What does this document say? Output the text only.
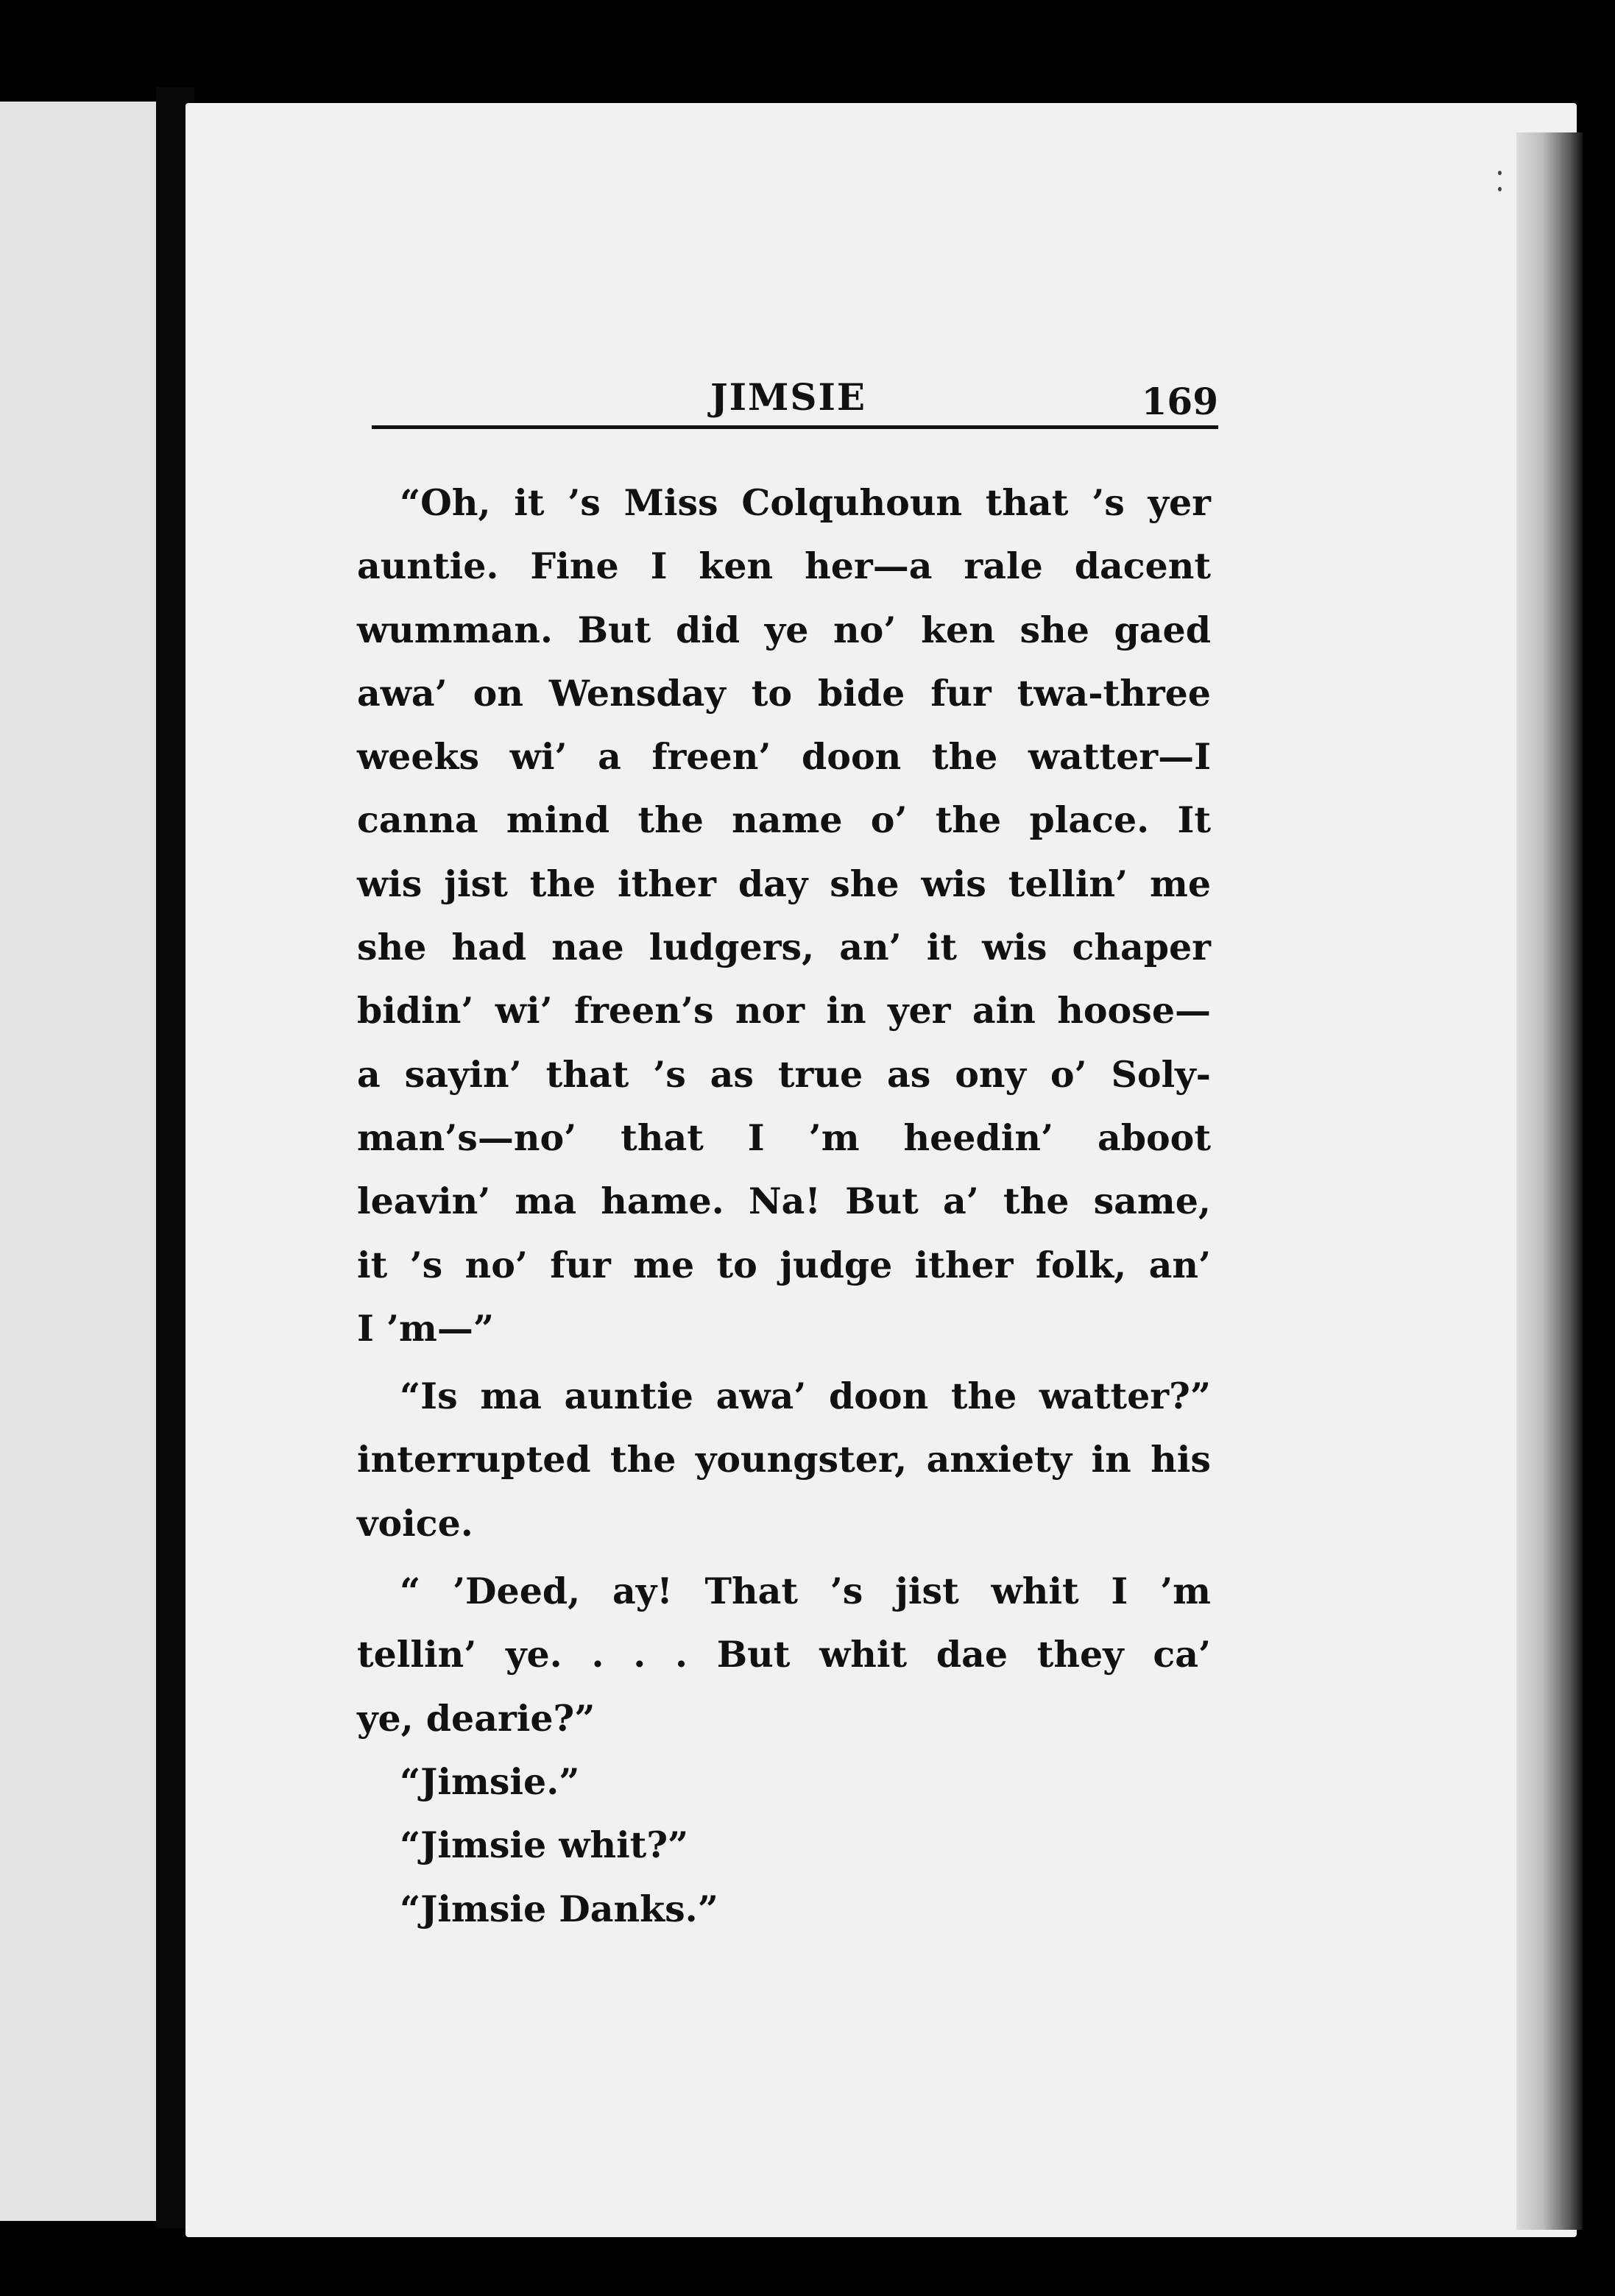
JIMSIE	169
“Oh, it ’s Miss Colquhoun that ’s yer
auntie. Fine I ken her—a rale dacent
wumman. But did ye no’ ken she gaed
awa’ on Wensday to bide fur twa-three
weeks wi’ a freen’ doon the watter—I
canna mind the name o’ the place. It
wis jist the ither day she wis tellin’ me
she had nae ludgers, an’ it wis chaper
bidin’ wi’ freen’s nor in yer ain hoose—
a sayin’ that ’s as true as ony o’ Soly-
man’s—no’ that I ’m heedin’ aboot
leavin’ ma hame. Na! But a’ the same,
it ’s no’ fur me to judge ither folk, an’
I ’m—”
“Is ma auntie awa’ doon the watter?”
interrupted the youngster, anxiety in his
voice.
“ ’Deed, ay! That ’s jist whit I ’m
tellin’ ye. . . . But whit dae they ca’
ye, dearie?”
“Jimsie.”
“Jimsie whit?”
“Jimsie Danks.”
